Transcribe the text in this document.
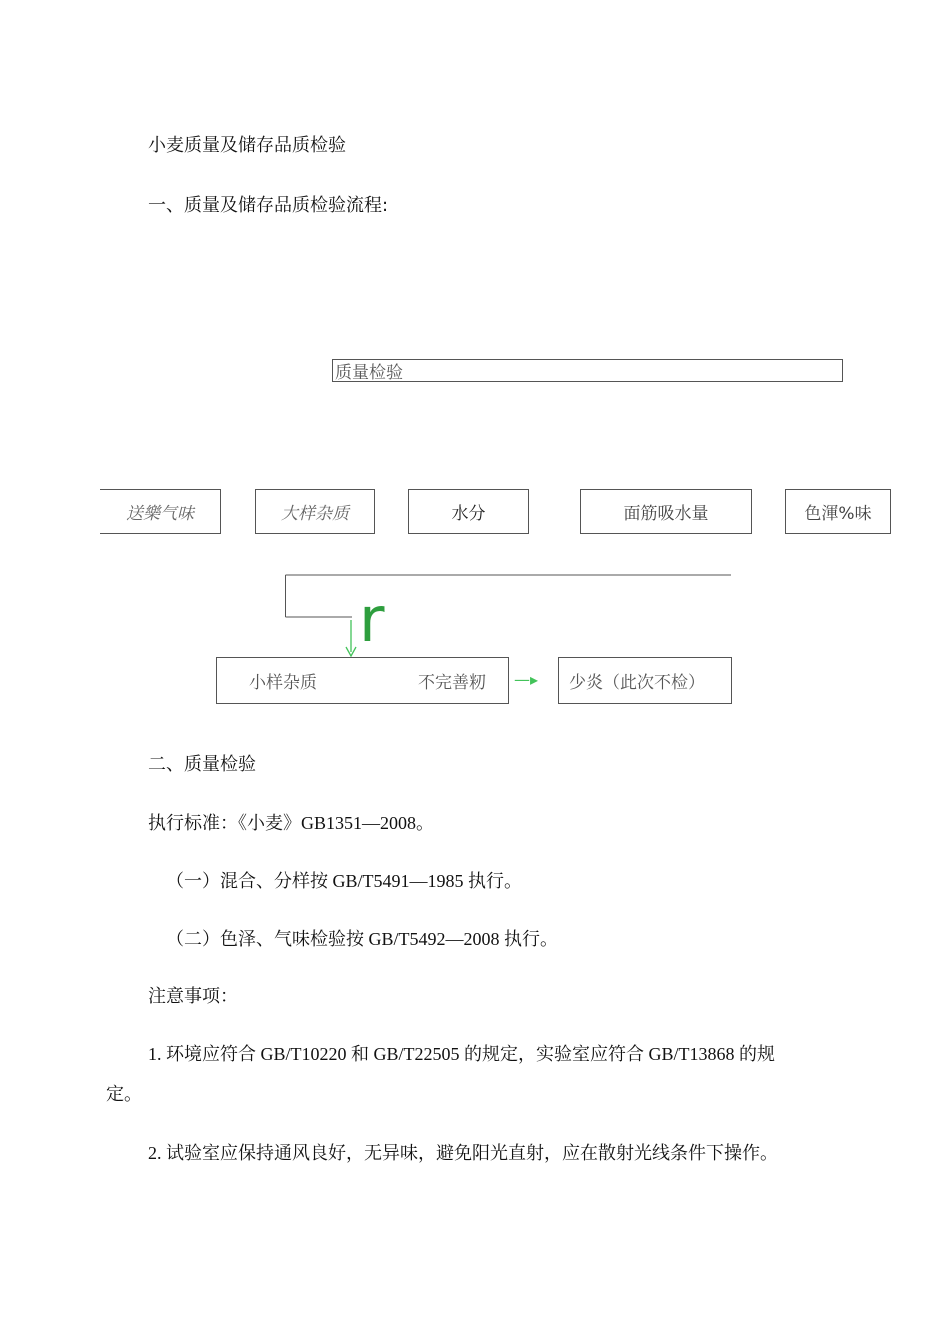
小麦质量及储存品质检验
一、质量及储存品质检验流程:
质量检验
送樂气味	大样杂质	水分	面筋吸水量	色渾%味
r
小样杂质	不完善籾 —▸	少炎（此次不检）
二、质量检验
执行标准：《小麦》GB1351—2008。
（一）混合、分样按 GB/T5491—1985 执行。
（二）色泽、气味检验按 GB/T5492—2008 执行。
注意事项：
1. 环境应符合 GB/T10220 和 GB/T22505 的规定，实验室应符合 GB/T13868 的规
定。
2. 试验室应保持通风良好，无异味，避免阳光直射，应在散射光线条件下操作。
